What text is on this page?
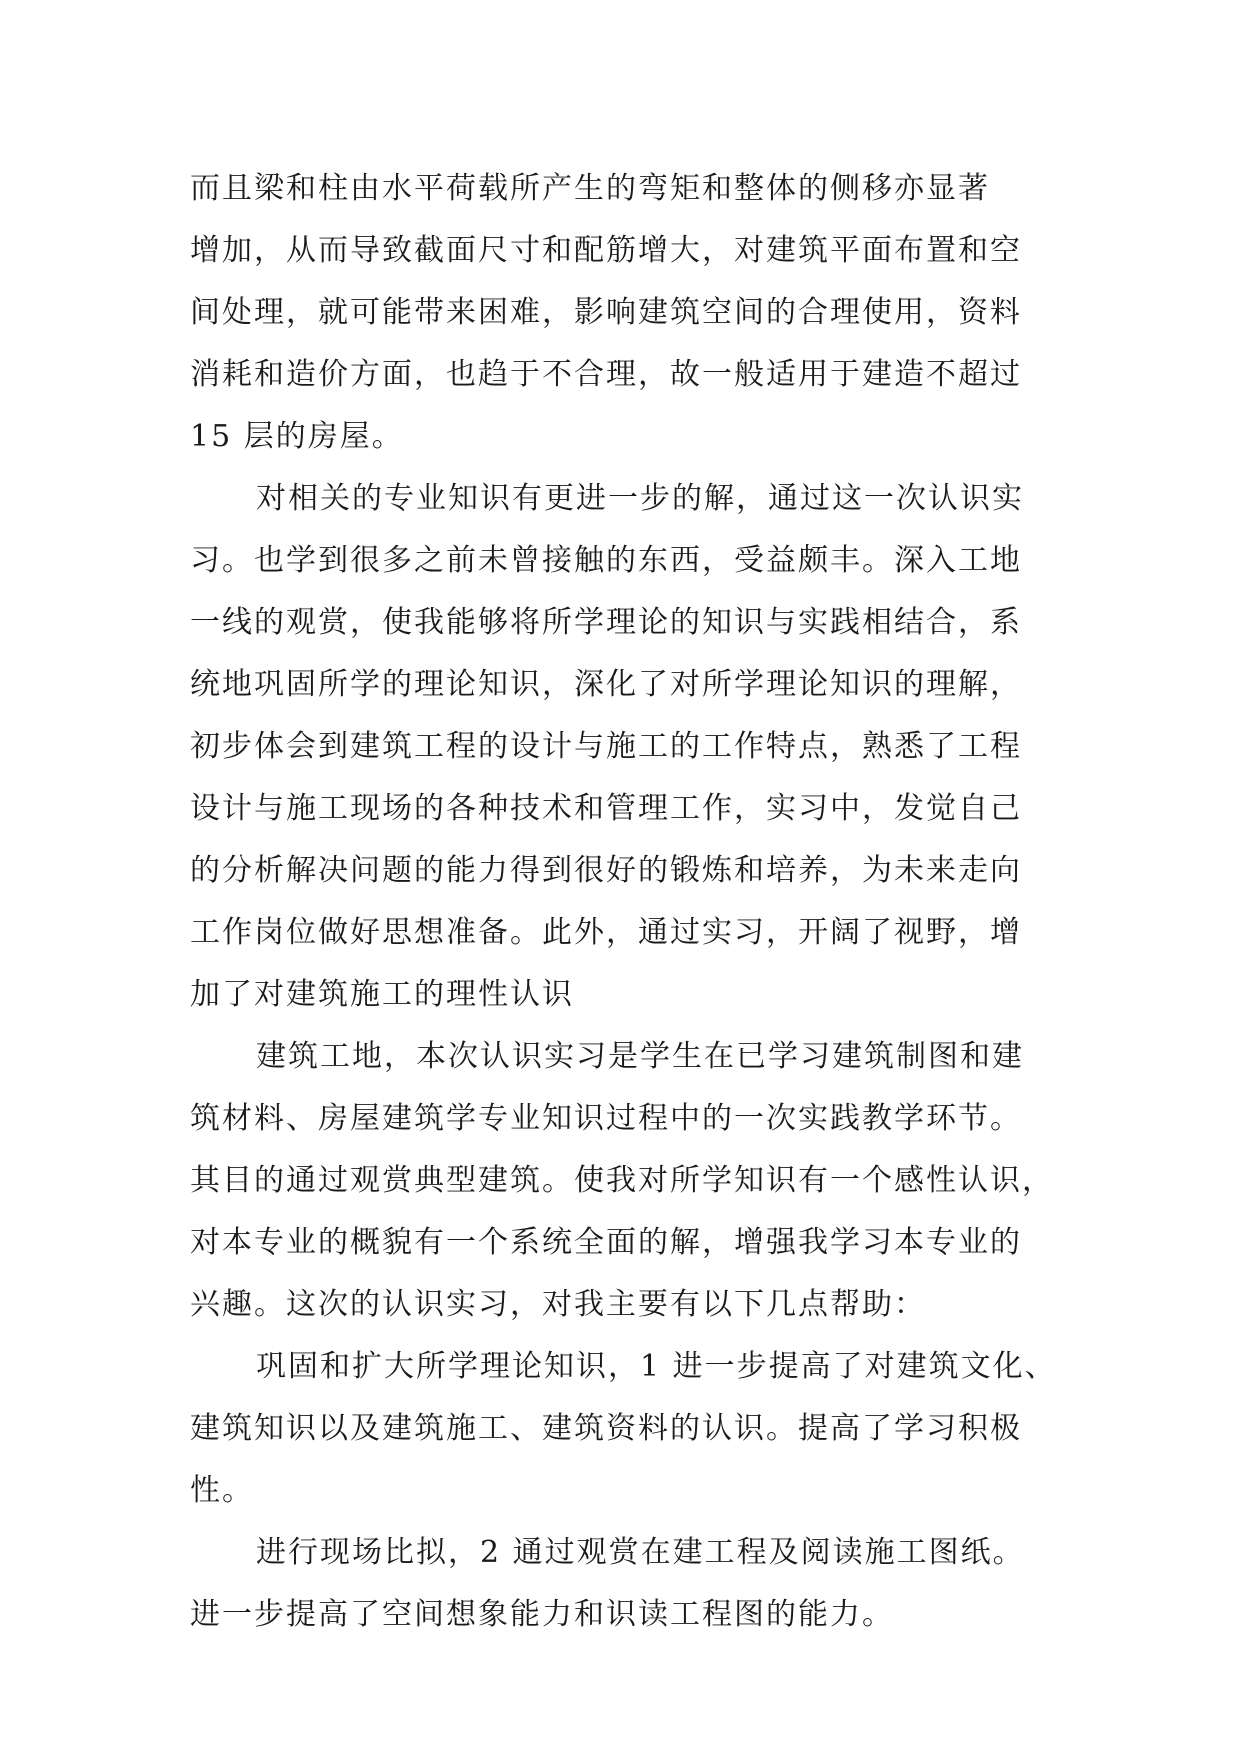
而且梁和柱由水平荷载所产生的弯矩和整体的侧移亦显著
增加，从而导致截面尺寸和配筋增大，对建筑平面布置和空
间处理，就可能带来困难，影响建筑空间的合理使用，资料
消耗和造价方面，也趋于不合理，故一般适用于建造不超过
15 层的房屋。
对相关的专业知识有更进一步的解，通过这一次认识实
习。也学到很多之前未曾接触的东西，受益颇丰。深入工地
一线的观赏，使我能够将所学理论的知识与实践相结合，系
统地巩固所学的理论知识，深化了对所学理论知识的理解，
初步体会到建筑工程的设计与施工的工作特点，熟悉了工程
设计与施工现场的各种技术和管理工作，实习中，发觉自己
的分析解决问题的能力得到很好的锻炼和培养，为未来走向
工作岗位做好思想准备。此外，通过实习，开阔了视野，增
加了对建筑施工的理性认识
建筑工地，本次认识实习是学生在已学习建筑制图和建
筑材料、房屋建筑学专业知识过程中的一次实践教学环节。
其目的通过观赏典型建筑。使我对所学知识有一个感性认识，
对本专业的概貌有一个系统全面的解，增强我学习本专业的
兴趣。这次的认识实习，对我主要有以下几点帮助：
巩固和扩大所学理论知识，1 进一步提高了对建筑文化、
建筑知识以及建筑施工、建筑资料的认识。提高了学习积极
性。
进行现场比拟，2 通过观赏在建工程及阅读施工图纸。
进一步提高了空间想象能力和识读工程图的能力。
